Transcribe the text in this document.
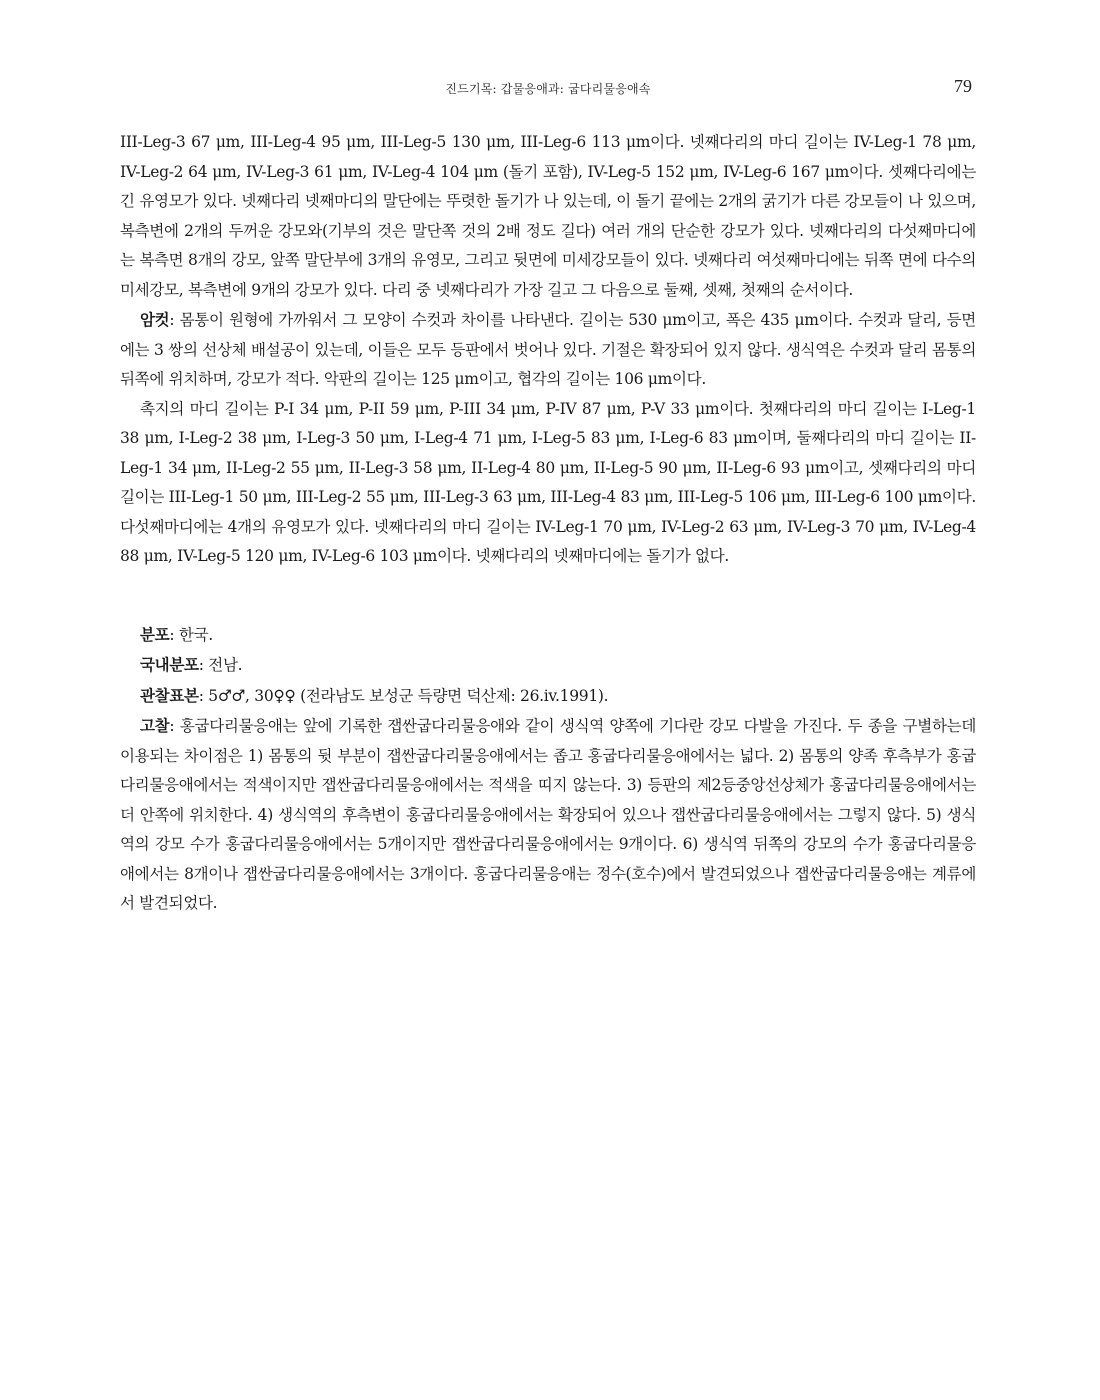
진드기목: 갑물응애과: 굽다리물응애속	79

III-Leg-3 67 μm, III-Leg-4 95 μm, III-Leg-5 130 μm, III-Leg-6 113 μm이다. 넷째다리의 마디 길이는 IV-Leg-1 78 μm, IV-Leg-2 64 μm, IV-Leg-3 61 μm, IV-Leg-4 104 μm (돌기 포함), IV-Leg-5 152 μm, IV-Leg-6 167 μm이다. 셋째다리에는 긴 유영모가 있다. 넷째다리 넷째마디의 말단에는 뚜렷한 돌기가 나 있는데, 이 돌기 끝에는 2개의 굵기가 다른 강모들이 나 있으며, 복측변에 2개의 두꺼운 강모와(기부의 것은 말단쪽 것의 2배 정도 길다) 여러 개의 단순한 강모가 있다. 넷째다리의 다섯째마디에는 복측면 8개의 강모, 앞쪽 말단부에 3개의 유영모, 그리고 뒷면에 미세강모들이 있다. 넷째다리 여섯째마디에는 뒤쪽 면에 다수의 미세강모, 복측변에 9개의 강모가 있다. 다리 중 넷째다리가 가장 길고 그 다음으로 둘째, 셋째, 첫째의 순서이다.

암컷: 몸통이 원형에 가까워서 그 모양이 수컷과 차이를 나타낸다. 길이는 530 μm이고, 폭은 435 μm이다. 수컷과 달리, 등면에는 3 쌍의 선상체 배설공이 있는데, 이들은 모두 등판에서 벗어나 있다. 기절은 확장되어 있지 않다. 생식역은 수컷과 달리 몸통의 뒤쪽에 위치하며, 강모가 적다. 악판의 길이는 125 μm이고, 협각의 길이는 106 μm이다.

촉지의 마디 길이는 P-I 34 μm, P-II 59 μm, P-III 34 μm, P-IV 87 μm, P-V 33 μm이다. 첫째다리의 마디 길이는 I-Leg-1 38 μm, I-Leg-2 38 μm, I-Leg-3 50 μm, I-Leg-4 71 μm, I-Leg-5 83 μm, I-Leg-6 83 μm이며, 둘째다리의 마디 길이는 II-Leg-1 34 μm, II-Leg-2 55 μm, II-Leg-3 58 μm, II-Leg-4 80 μm, II-Leg-5 90 μm, II-Leg-6 93 μm이고, 셋째다리의 마디 길이는 III-Leg-1 50 μm, III-Leg-2 55 μm, III-Leg-3 63 μm, III-Leg-4 83 μm, III-Leg-5 106 μm, III-Leg-6 100 μm이다. 다섯째마디에는 4개의 유영모가 있다. 넷째다리의 마디 길이는 IV-Leg-1 70 μm, IV-Leg-2 63 μm, IV-Leg-3 70 μm, IV-Leg-4 88 μm, IV-Leg-5 120 μm, IV-Leg-6 103 μm이다. 넷째다리의 넷째마디에는 돌기가 없다.

분포: 한국.

국내분포: 전남.

관찰표본: 5♂♂, 30♀♀ (전라남도 보성군 득량면 덕산제: 26.iv.1991).

고찰: 홍굽다리물응애는 앞에 기록한 잽싼굽다리물응애와 같이 생식역 양쪽에 기다란 강모 다발을 가진다. 두 종을 구별하는데 이용되는 차이점은 1) 몸통의 뒷 부분이 잽싼굽다리물응애에서는 좁고 홍굽다리물응애에서는 넓다. 2) 몸통의 양족 후측부가 홍굽다리물응애에서는 적색이지만 잽싼굽다리물응애에서는 적색을 띠지 않는다. 3) 등판의 제2등중앙선상체가 홍굽다리물응애에서는 더 안쪽에 위치한다. 4) 생식역의 후측변이 홍굽다리물응애에서는 확장되어 있으나 잽싼굽다리물응애에서는 그렇지 않다. 5) 생식역의 강모 수가 홍굽다리물응애에서는 5개이지만 잽싼굽다리물응애에서는 9개이다. 6) 생식역 뒤쪽의 강모의 수가 홍굽다리물응애에서는 8개이나 잽싼굽다리물응애에서는 3개이다. 홍굽다리물응애는 정수(호수)에서 발견되었으나 잽싼굽다리물응애는 계류에서 발견되었다.
